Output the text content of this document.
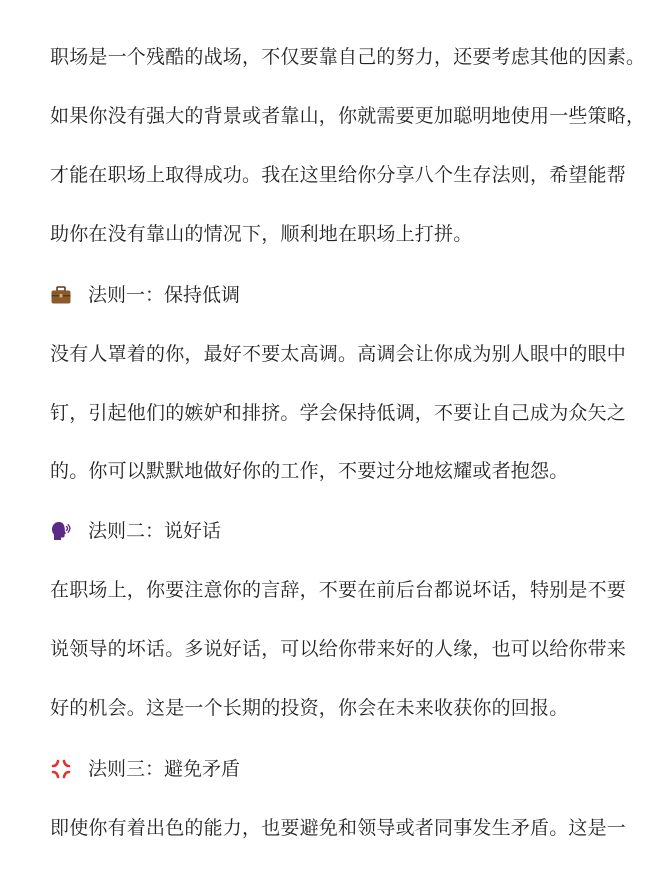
职场是一个残酷的战场，不仅要靠自己的努力，还要考虑其他的因素。
如果你没有强大的背景或者靠山，你就需要更加聪明地使用一些策略，
才能在职场上取得成功。我在这里给你分享八个生存法则，希望能帮
助你在没有靠山的情况下，顺利地在职场上打拼。
法则一：保持低调
没有人罩着的你，最好不要太高调。高调会让你成为别人眼中的眼中
钉，引起他们的嫉妒和排挤。学会保持低调，不要让自己成为众矢之
的。你可以默默地做好你的工作，不要过分地炫耀或者抱怨。
法则二：说好话
在职场上，你要注意你的言辞，不要在前后台都说坏话，特别是不要
说领导的坏话。多说好话，可以给你带来好的人缘，也可以给你带来
好的机会。这是一个长期的投资，你会在未来收获你的回报。
法则三：避免矛盾
即使你有着出色的能力，也要避免和领导或者同事发生矛盾。这是一
